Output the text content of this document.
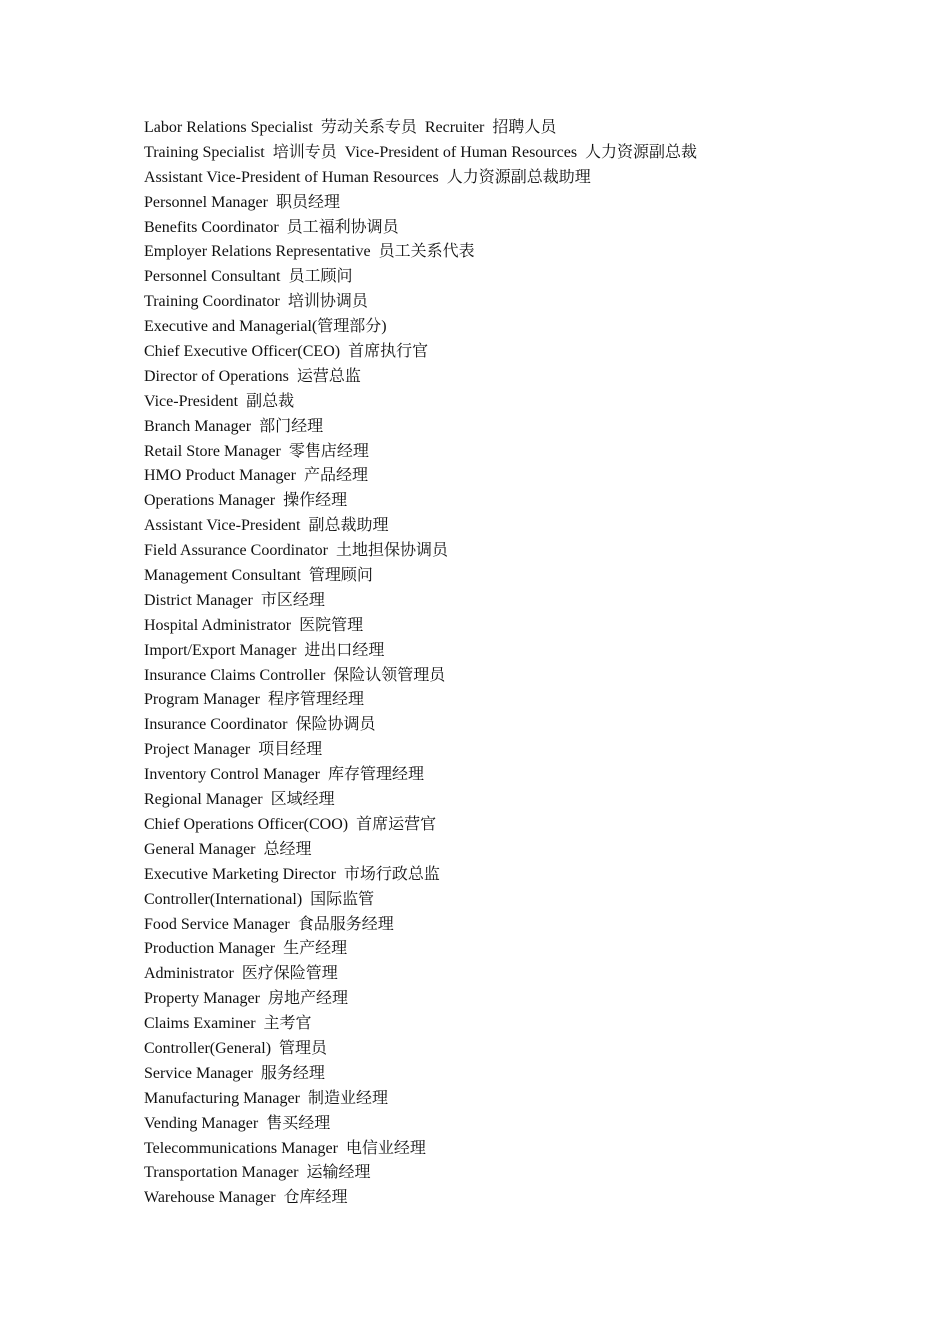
Labor Relations Specialist  劳动关系专员  Recruiter  招聘人员

Training Specialist  培训专员  Vice-President of Human Resources  人力资源副总裁

Assistant Vice-President of Human Resources  人力资源副总裁助理

Personnel Manager  职员经理

Benefits Coordinator  员工福利协调员

Employer Relations Representative  员工关系代表

Personnel Consultant  员工顾问

Training Coordinator  培训协调员

Executive and Managerial(管理部分)

Chief Executive Officer(CEO)  首席执行官

Director of Operations  运营总监

Vice-President  副总裁

Branch Manager  部门经理

Retail Store Manager  零售店经理

HMO Product Manager  产品经理

Operations Manager  操作经理

Assistant Vice-President  副总裁助理

Field Assurance Coordinator  土地担保协调员

Management Consultant  管理顾问

District Manager  市区经理

Hospital Administrator  医院管理

Import/Export Manager  进出口经理

Insurance Claims Controller  保险认领管理员

Program Manager  程序管理经理

Insurance Coordinator  保险协调员

Project Manager  项目经理

Inventory Control Manager  库存管理经理

Regional Manager  区域经理

Chief Operations Officer(COO)  首席运营官

General Manager  总经理

Executive Marketing Director  市场行政总监

Controller(International)  国际监管

Food Service Manager  食品服务经理

Production Manager  生产经理

Administrator  医疗保险管理

Property Manager  房地产经理

Claims Examiner  主考官

Controller(General)  管理员

Service Manager  服务经理

Manufacturing Manager  制造业经理

Vending Manager  售买经理

Telecommunications Manager  电信业经理

Transportation Manager  运输经理

Warehouse Manager  仓库经理
